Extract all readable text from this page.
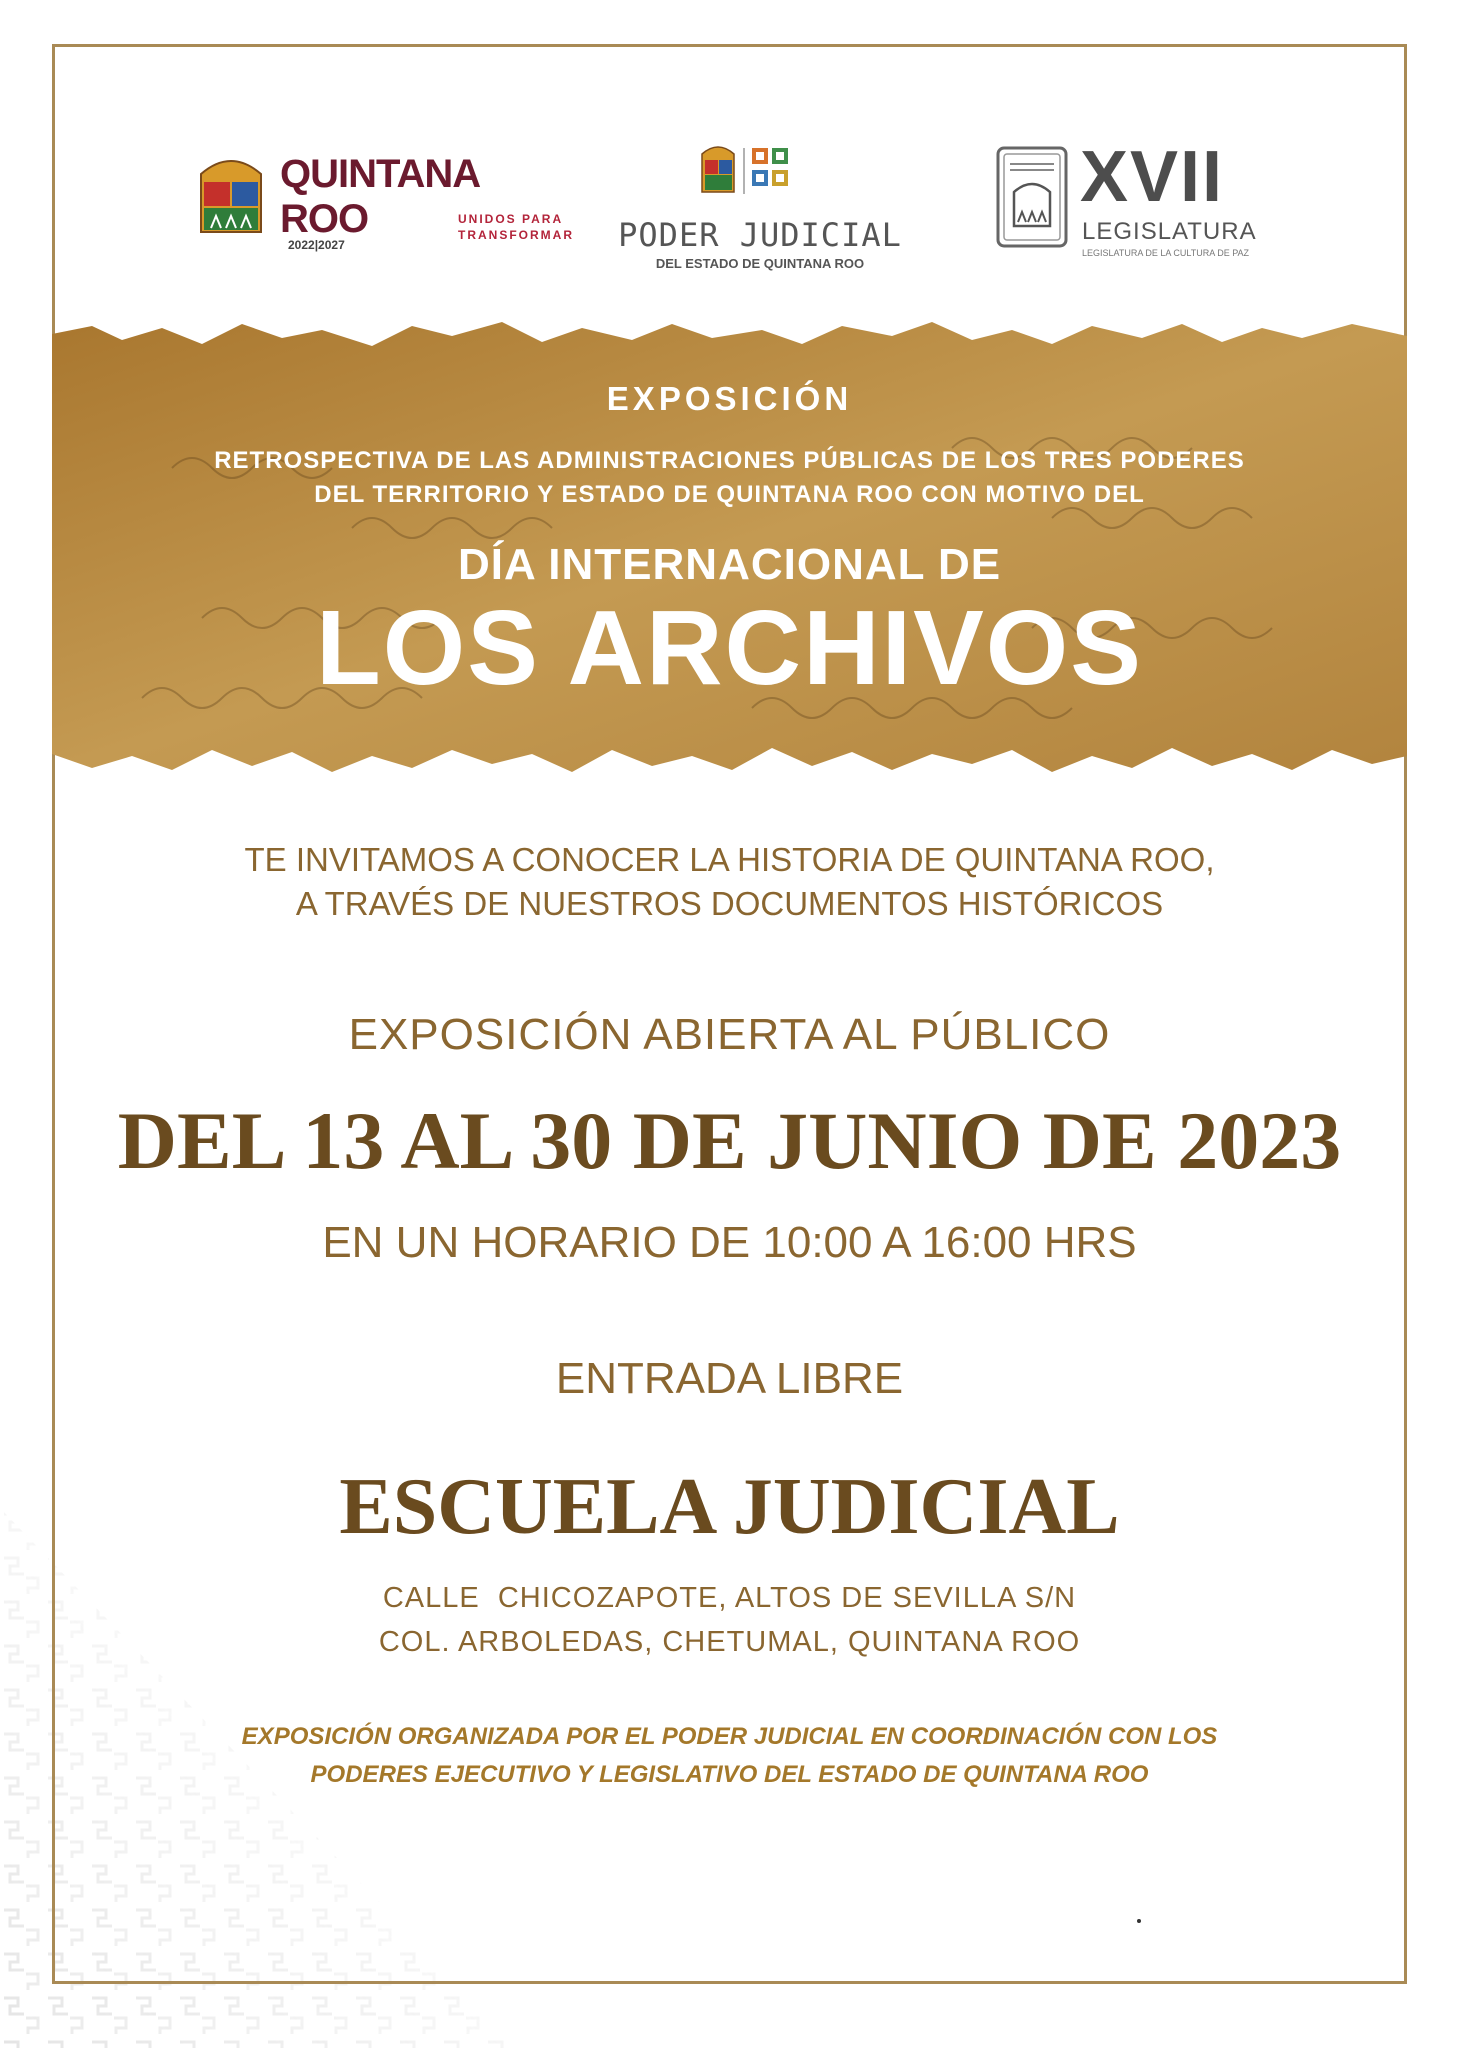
QUINTANA ROO	UNIDOS PARA
TRANSFORMAR
2022|2027	PODER JUDICIAL
DEL ESTADO DE QUINTANA ROO
XVII
LEGISLATURA
LEGISLATURA DE LA CULTURA DE PAZ
EXPOSICIÓN
RETROSPECTIVA DE LAS ADMINISTRACIONES PÚBLICAS DE LOS TRES PODERES
DEL TERRITORIO Y ESTADO DE QUINTANA ROO CON MOTIVO DEL
DÍA INTERNACIONAL DE
LOS ARCHIVOS
TE INVITAMOS A CONOCER LA HISTORIA DE QUINTANA ROO,
A TRAVÉS DE NUESTROS DOCUMENTOS HISTÓRICOS
EXPOSICIÓN ABIERTA AL PÚBLICO
DEL 13 AL 30 DE JUNIO DE 2023
EN UN HORARIO DE 10:00 A 16:00 HRS
ENTRADA LIBRE
ESCUELA JUDICIAL
CALLE  CHICOZAPOTE, ALTOS DE SEVILLA S/N
COL. ARBOLEDAS, CHETUMAL, QUINTANA ROO
EXPOSICIÓN ORGANIZADA POR EL PODER JUDICIAL EN COORDINACIÓN CON LOS
PODERES EJECUTIVO Y LEGISLATIVO DEL ESTADO DE QUINTANA ROO
